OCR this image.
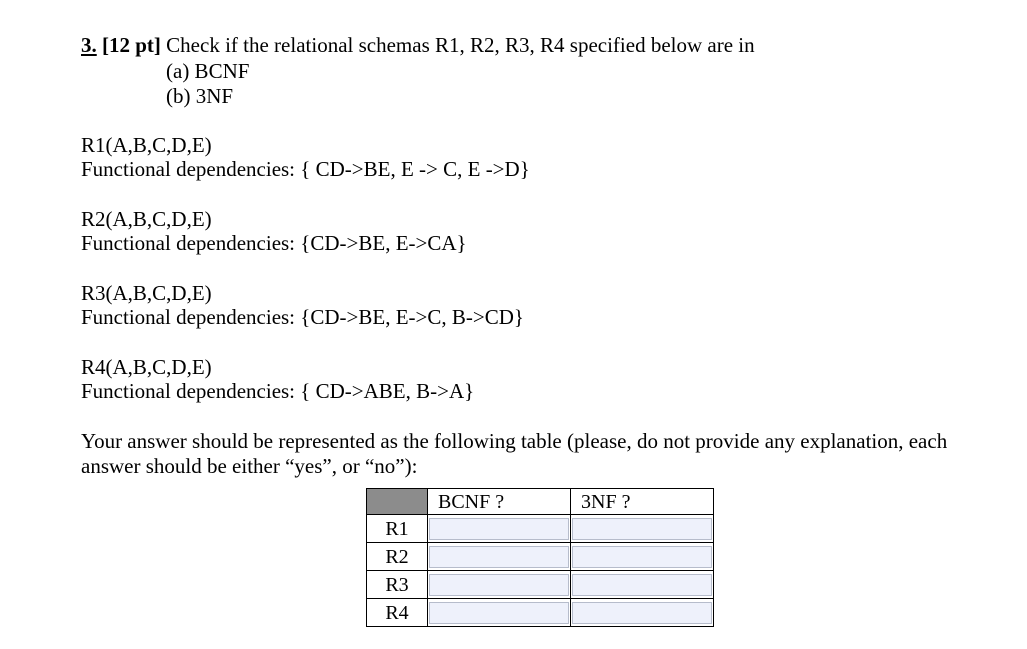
3. [12 pt] Check if the relational schemas R1, R2, R3, R4 specified below are in
(a) BCNF
(b) 3NF
R1(A,B,C,D,E)
Functional dependencies: { CD->BE, E -> C, E ->D}
R2(A,B,C,D,E)
Functional dependencies: {CD->BE, E->CA}
R3(A,B,C,D,E)
Functional dependencies: {CD->BE, E->C, B->CD}
R4(A,B,C,D,E)
Functional dependencies: { CD->ABE, B->A}
Your answer should be represented as the following table (please, do not provide any explanation, each
answer should be either “yes”, or “no”):
	BCNF ?	3NF ?
R1	

R2	

R3	

R4	
